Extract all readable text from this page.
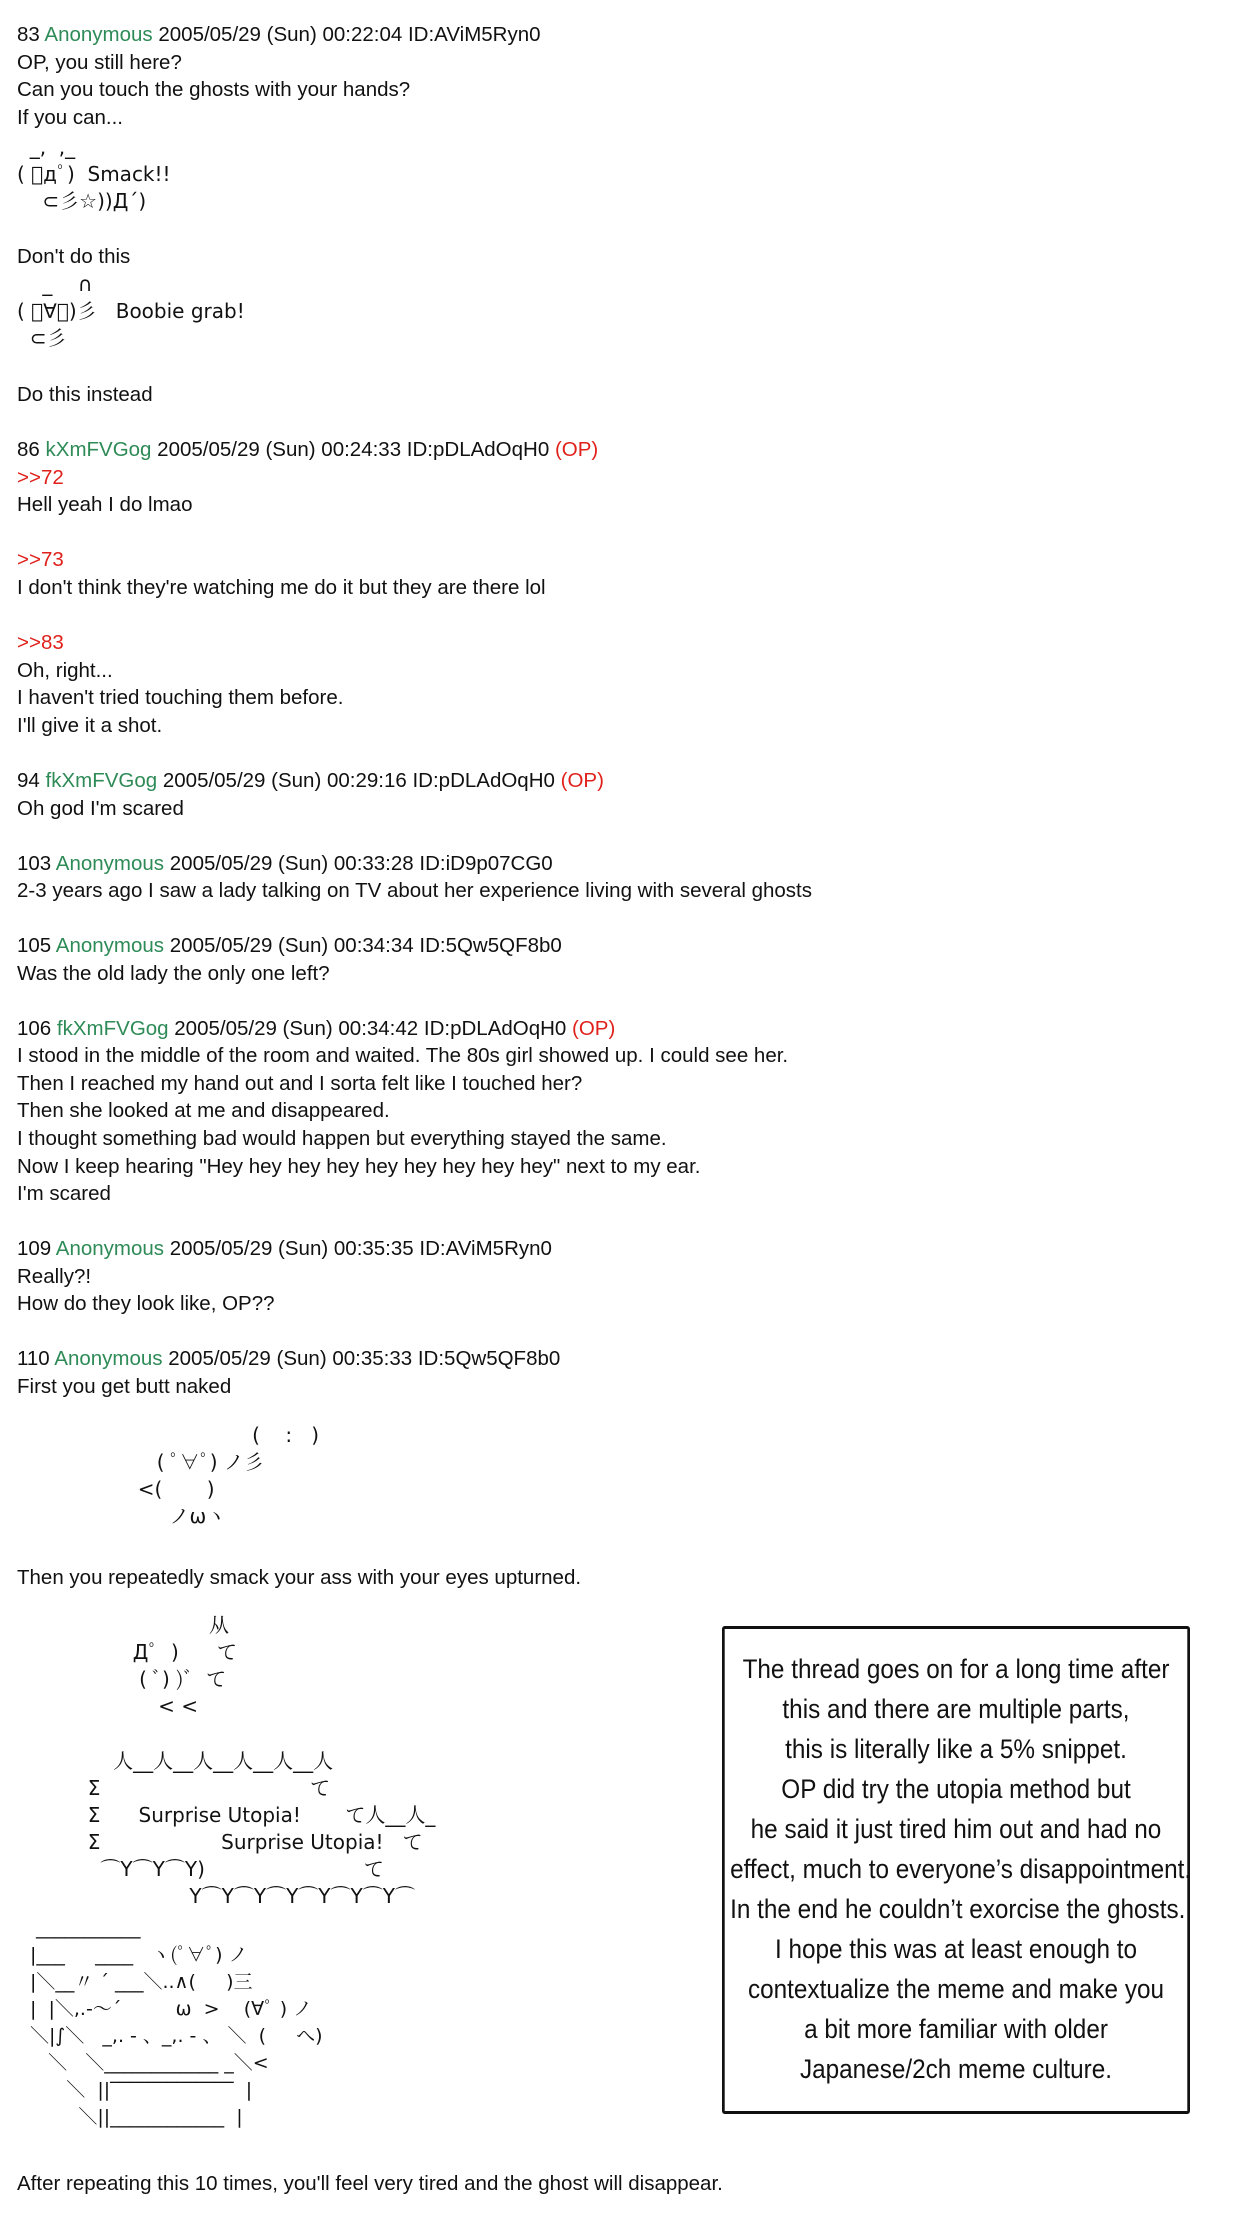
83 Anonymous 2005/05/29 (Sun) 00:22:04 ID:AViM5Ryn0
OP, you still here?
Can you touch the ghosts with your hands?
If you can...
_,  ,_
( ﾟдﾟ)  Smack!!
⊂彡☆))Д´)
Don't do this
_    ∩
( ﾟ∀ﾟ)彡   Boobie grab!
⊂彡
Do this instead
86 kXmFVGog 2005/05/29 (Sun) 00:24:33 ID:pDLAdOqH0 (OP)
>>72
Hell yeah I do lmao
>>73
I don't think they're watching me do it but they are there lol
>>83
Oh, right...
I haven't tried touching them before.
I'll give it a shot.
94 fkXmFVGog 2005/05/29 (Sun) 00:29:16 ID:pDLAdOqH0 (OP)
Oh god I'm scared
103 Anonymous 2005/05/29 (Sun) 00:33:28 ID:iD9p07CG0
2-3 years ago I saw a lady talking on TV about her experience living with several ghosts
105 Anonymous 2005/05/29 (Sun) 00:34:34 ID:5Qw5QF8b0
Was the old lady the only one left?
106 fkXmFVGog 2005/05/29 (Sun) 00:34:42 ID:pDLAdOqH0 (OP)
I stood in the middle of the room and waited. The 80s girl showed up. I could see her.
Then I reached my hand out and I sorta felt like I touched her?
Then she looked at me and disappeared.
I thought something bad would happen but everything stayed the same.
Now I keep hearing "Hey hey hey hey hey hey hey hey hey" next to my ear.
I'm scared
109 Anonymous 2005/05/29 (Sun) 00:35:35 ID:AViM5Ryn0
Really?!
How do they look like, OP??
110 Anonymous 2005/05/29 (Sun) 00:35:33 ID:5Qw5QF8b0
First you get butt naked
(    :   )
( ﾟ∀ﾟ) ノ彡
<(       )
ノωヽ
Then you repeatedly smack your ass with your eyes upturned.
从
Дﾟ  )      て
( ﾞ) )ﾞ  て
< <
人__人__人__人__人__人
Σ                                 て
Σ      Surprise Utopia!       て人__人_
Σ                   Surprise Utopia!   て
⌒Y⌒Y⌒Y)                         て
Y⌒Y⌒Y⌒Y⌒Y⌒Y⌒Y⌒
___________
|___     ____   ヽ(ﾟ∀ﾟ) ノ
|＼__〃 ´ ___＼..∧(     )三
|  |＼,.-～´         ω  >    (∀ﾟ ) ノ
＼|∫＼   _,. - 、_,. - 、 ＼  (     へ)
＼   ＼____________ _＼<
＼  ||‾‾‾‾‾‾‾‾‾‾‾‾‾  |
＼||____________  |
After repeating this 10 times, you'll feel very tired and the ghost will disappear.
The thread goes on for a long time after
this and there are multiple parts,
this is literally like a 5% snippet.
OP did try the utopia method but
he said it just tired him out and had no
effect, much to everyone’s disappointment.
In the end he couldn’t exorcise the ghosts.
I hope this was at least enough to
contextualize the meme and make you
a bit more familiar with older
Japanese/2ch meme culture.
